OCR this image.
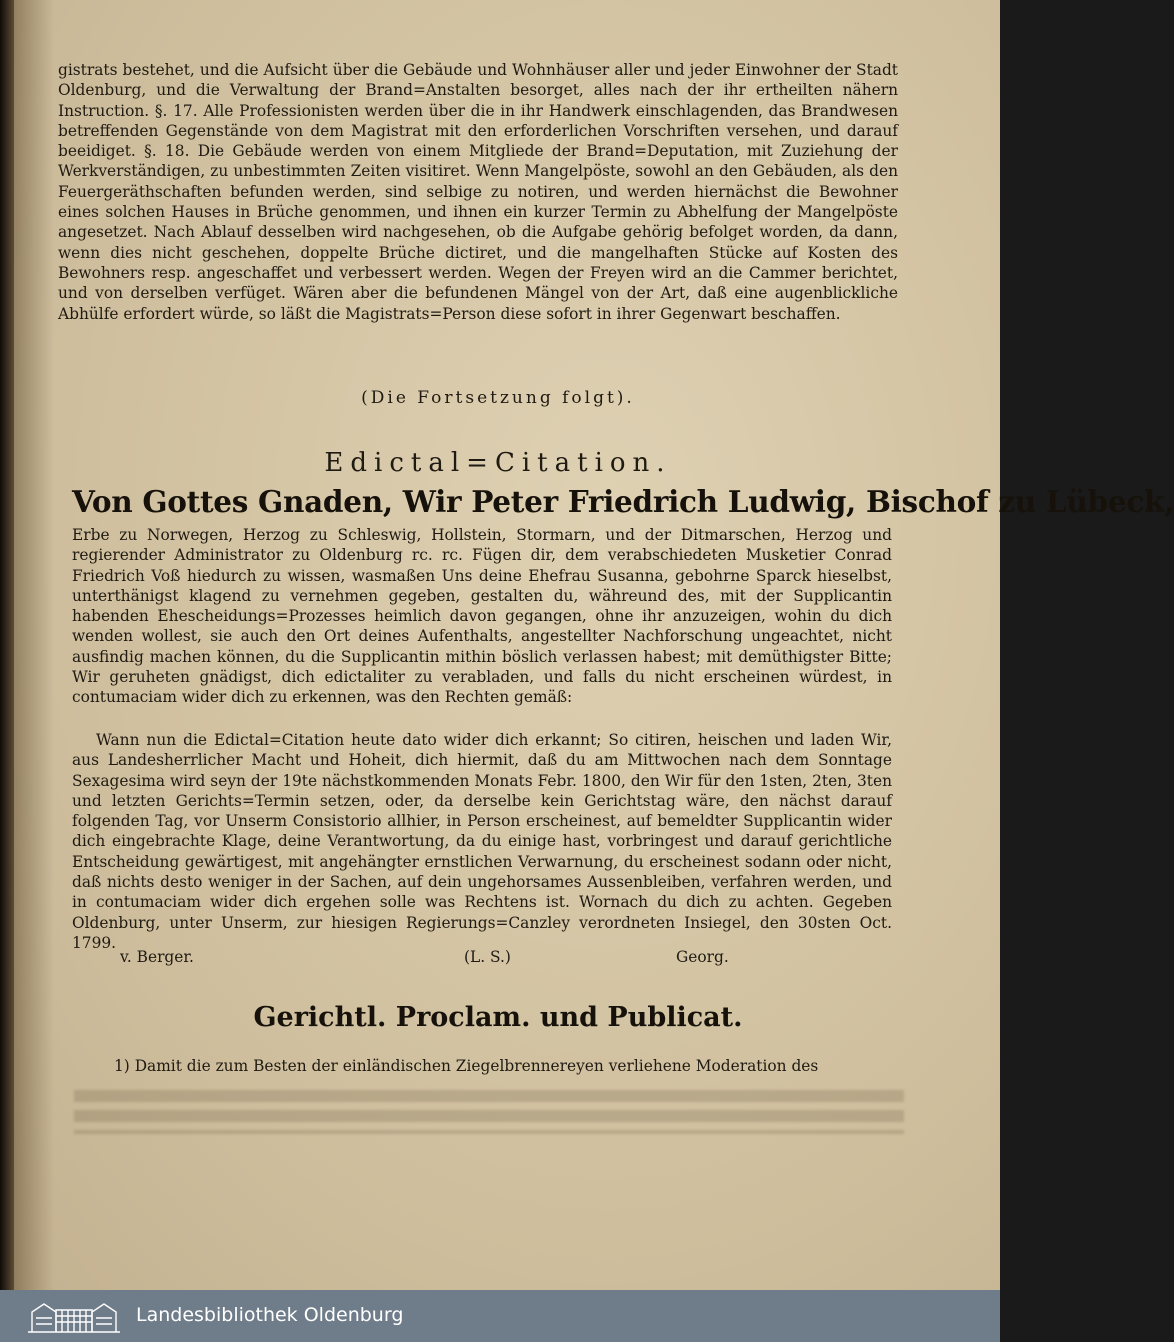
gistrats bestehet, und die Aufsicht über die Gebäude und Wohnhäuser aller und jeder Einwohner der Stadt Oldenburg, und die Verwaltung der Brand=Anstalten besorget, alles nach der ihr ertheilten nähern Instruction. §. 17. Alle Professionisten werden über die in ihr Handwerk einschlagenden, das Brandwesen betreffenden Gegenstände von dem Magistrat mit den erforderlichen Vorschriften versehen, und darauf beeidiget. §. 18. Die Gebäude werden von einem Mitgliede der Brand=Deputation, mit Zuziehung der Werkverständigen, zu unbestimmten Zeiten visitiret. Wenn Mangelpöste, sowohl an den Gebäuden, als den Feuergeräthschaften befunden werden, sind selbige zu notiren, und werden hiernächst die Bewohner eines solchen Hauses in Brüche genommen, und ihnen ein kurzer Termin zu Abhelfung der Mangelpöste angesetzet. Nach Ablauf desselben wird nachgesehen, ob die Aufgabe gehörig befolget worden, da dann, wenn dies nicht geschehen, doppelte Brüche dictiret, und die mangelhaften Stücke auf Kosten des Bewohners resp. angeschaffet und verbessert werden. Wegen der Freyen wird an die Cammer berichtet, und von derselben verfüget. Wären aber die befundenen Mängel von der Art, daß eine augenblickliche Abhülfe erfordert würde, so läßt die Magistrats=Person diese sofort in ihrer Gegenwart beschaffen.

(Die Fortsetzung folgt).
Edictal=Citation.
Von Gottes Gnaden, Wir Peter Friedrich Ludwig, Bischof zu Lübeck,

Erbe zu Norwegen, Herzog zu Schleswig, Hollstein, Stormarn, und der Ditmarschen, Herzog und regierender Administrator zu Oldenburg rc. rc. Fügen dir, dem verabschiedeten Musketier Conrad Friedrich Voß hiedurch zu wissen, wasmaßen Uns deine Ehefrau Susanna, gebohrne Sparck hieselbst, unterthänigst klagend zu vernehmen gegeben, gestalten du, währeund des, mit der Supplicantin habenden Ehescheidungs=Prozesses heimlich davon gegangen, ohne ihr anzuzeigen, wohin du dich wenden wollest, sie auch den Ort deines Aufenthalts, angestellter Nachforschung ungeachtet, nicht ausfindig machen können, du die Supplicantin mithin böslich verlassen habest; mit demüthigster Bitte; Wir geruheten gnädigst, dich edictaliter zu verabladen, und falls du nicht erscheinen würdest, in contumaciam wider dich zu erkennen, was den Rechten gemäß:

Wann nun die Edictal=Citation heute dato wider dich erkannt; So citiren, heischen und laden Wir, aus Landesherrlicher Macht und Hoheit, dich hiermit, daß du am Mittwochen nach dem Sonntage Sexagesima wird seyn der 19te nächstkommenden Monats Febr. 1800, den Wir für den 1sten, 2ten, 3ten und letzten Gerichts=Termin setzen, oder, da derselbe kein Gerichtstag wäre, den nächst darauf folgenden Tag, vor Unserm Consistorio allhier, in Person erscheinest, auf bemeldter Supplicantin wider dich eingebrachte Klage, deine Verantwortung, da du einige hast, vorbringest und darauf gerichtliche Entscheidung gewärtigest, mit angehängter ernstlichen Verwarnung, du erscheinest sodann oder nicht, daß nichts desto weniger in der Sachen, auf dein ungehorsames Aussenbleiben, verfahren werden, und in contumaciam wider dich ergehen solle was Rechtens ist. Wornach du dich zu achten. Gegeben Oldenburg, unter Unserm, zur hiesigen Regierungs=Canzley verordneten Insiegel, den 30sten Oct. 1799.

v. Berger.	(L. S.)	Georg.
Gerichtl. Proclam. und Publicat.

1) Damit die zum Besten der einländischen Ziegelbrennereyen verliehene Moderation des

Landesbibliothek Oldenburg
